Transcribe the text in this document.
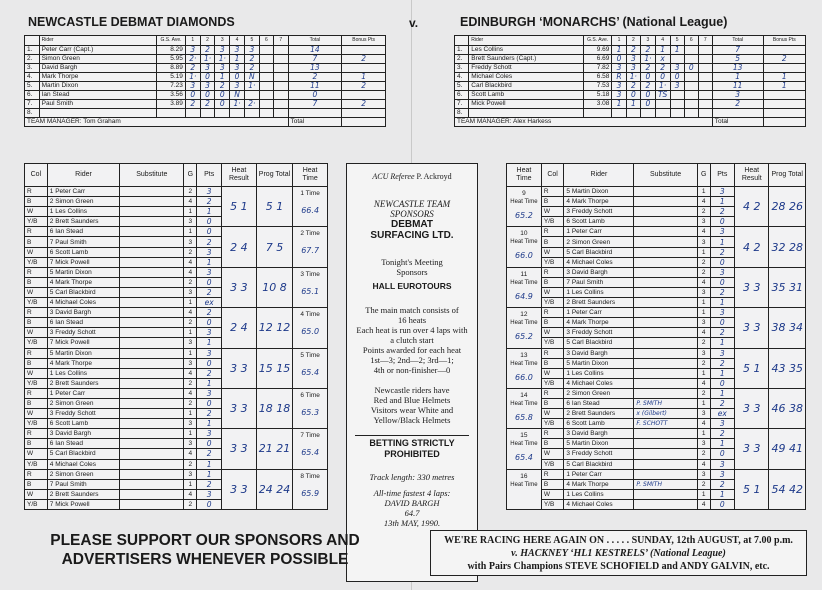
NEWCASTLE DEBMAT DIAMONDS	v.	EDINBURGH ‘MONARCHS’ (National League)
	Rider	G.S. Ave.	1	2	3	4	5	6	7	Total	Bonus Pts
1.	Peter Carr (Capt.)	8.29	3	2	3	3	3			14	
2.	Simon Green	5.95	2·	1·	1·	1	2			7	2
3.	David Bargh	8.89	2	3	3	3	2			13	
4.	Mark Thorpe	5.19	1·	0	1	0	N			2	1
5.	Martin Dixon	7.23	3	3	2	3	1·			11	2
6.	Ian Stead	3.56	0	0	0	N				0	
7.	Paul Smith	3.89	2	2	0	1·	2·			7	2
8.											
TEAM MANAGER: Tom Graham										Total	
	Rider	G.S. Ave.	1	2	3	4	5	6	7	Total	Bonus Pts
1.	Les Collins	9.69	1	2	2	1	1			7	
2.	Brett Saunders (Capt.)	6.69	0	3	1·	x				5	2
3.	Freddy Schott	7.82	3	3	2	2	3	0		13	
4.	Michael Coles	6.58	R	1·	0	0	0			1	1
5.	Carl Blackbird	7.53	3	2	2	1·	3			11	1
6.	Scott Lamb	5.18	3	0	0	TS				3	
7.	Mick Powell	3.08	1	1	0					2	
8.											
TEAM MANAGER: Alex Harkess										Total	
Col	Rider	Substitute	G	Pts	Heat Result	Prog Total	Heat Time
R	1 Peter Carr		2	3	5 1	5 1	1 Time
66.4

B	2 Simon Green		4	2			
W	1 Les Collins		1	1			
Y/B	2 Brett Saunders		3	0			
R	6 Ian Stead		1	0	2 4	7 5	2 Time
67.7

B	7 Paul Smith		3	2			
W	6 Scott Lamb		2	3			
Y/B	7 Mick Powell		4	1			
R	5 Martin Dixon		4	3	3 3	10 8	3 Time
65.1

B	4 Mark Thorpe		2	0			
W	5 Carl Blackbird		3	2			
Y/B	4 Michael Coles		1	ex			
R	3 David Bargh		4	2	2 4	12 12	4 Time
65.0

B	6 Ian Stead		2	0			
W	3 Freddy Schott		1	3			
Y/B	7 Mick Powell		3	1			
R	5 Martin Dixon		1	3	3 3	15 15	5 Time
65.4

B	4 Mark Thorpe		3	0			
W	1 Les Collins		4	2			
Y/B	2 Brett Saunders		2	1			
R	1 Peter Carr		4	3	3 3	18 18	6 Time
65.3

B	2 Simon Green		2	0			
W	3 Freddy Schott		1	2			
Y/B	6 Scott Lamb		3	1			
R	3 David Bargh		1	3	3 3	21 21	7 Time
65.4

B	6 Ian Stead		3	0			
W	5 Carl Blackbird		4	2			
Y/B	4 Michael Coles		2	1			
R	2 Simon Green		3	1	3 3	24 24	8 Time
65.9

B	7 Paul Smith		1	2			
W	2 Brett Saunders		4	3			
Y/B	7 Mick Powell		2	0			

ACU Referee P. Ackroyd

NEWCASTLE TEAM

SPONSORS

DEBMAT

SURFACING LTD.

Tonight's Meeting

Sponsors

HALL EUROTOURS

The main match consists of
16 heats
Each heat is run over 4 laps with
a clutch start
Points awarded for each heat
1st—3; 2nd—2; 3rd—1;
4th or non-finisher—0
Newcastle riders have
Red and Blue Helmets
Visitors wear White and
Yellow/Black Helmets
BETTING STRICTLY
PROHIBITED

Track length: 330 metres

All-time fastest 4 laps:
DAVID BARGH
64.7
13th MAY, 1990.
Heat Time	Col	Rider	Substitute	G	Pts	Heat Result	Prog Total

9
Heat Time
65.2	R	5 Martin Dixon		1	3	4 2	28 26
	B	4 Mark Thorpe		4	1		
	W	3 Freddy Schott		2	2		
	Y/B	6 Scott Lamb		3	0		

10
Heat Time
66.0	R	1 Peter Carr		4	3	4 2	32 28
	B	2 Simon Green		3	1		
	W	5 Carl Blackbird		1	2		
	Y/B	4 Michael Coles		2	0		

11
Heat Time
64.9	R	3 David Bargh		2	3	3 3	35 31
	B	7 Paul Smith		4	0		
	W	1 Les Collins		3	2		
	Y/B	2 Brett Saunders		1	1		

12
Heat Time
65.2	R	1 Peter Carr		1	3	3 3	38 34
	B	4 Mark Thorpe		3	0		
	W	3 Freddy Schott		4	2		
	Y/B	5 Carl Blackbird		2	1		

13
Heat Time
66.0	R	3 David Bargh		3	3	5 1	43 35
	B	5 Martin Dixon		2	2		
	W	1 Les Collins		1	1		
	Y/B	4 Michael Coles		4	0		

14
Heat Time
65.8	R	2 Simon Green		2	1	3 3	46 38
	B	6 Ian Stead	P. SMITH	1	2		
	W	2 Brett Saunders	x (Gilbert)	3	ex		
	Y/B	6 Scott Lamb	F. SCHOTT	4	3		

15
Heat Time
65.4	R	3 David Bargh		1	2	3 3	49 41
	B	5 Martin Dixon		3	1		
	W	3 Freddy Schott		2	0		
	Y/B	5 Carl Blackbird		4	3		

16
Heat Time	R	1 Peter Carr		3	3	5 1	54 42
	B	4 Mark Thorpe	P. SMITH	2	2		
	W	1 Les Collins		1	1		
	Y/B	4 Michael Coles		4	0		
PLEASE SUPPORT OUR SPONSORS AND
ADVERTISERS WHENEVER POSSIBLE
WE'RE RACING HERE AGAIN ON . . . . . SUNDAY, 12th AUGUST, at 7.00 p.m.
v. HACKNEY ‘HL1 KESTRELS’ (National League)
with Pairs Champions STEVE SCHOFIELD and ANDY GALVIN, etc.
